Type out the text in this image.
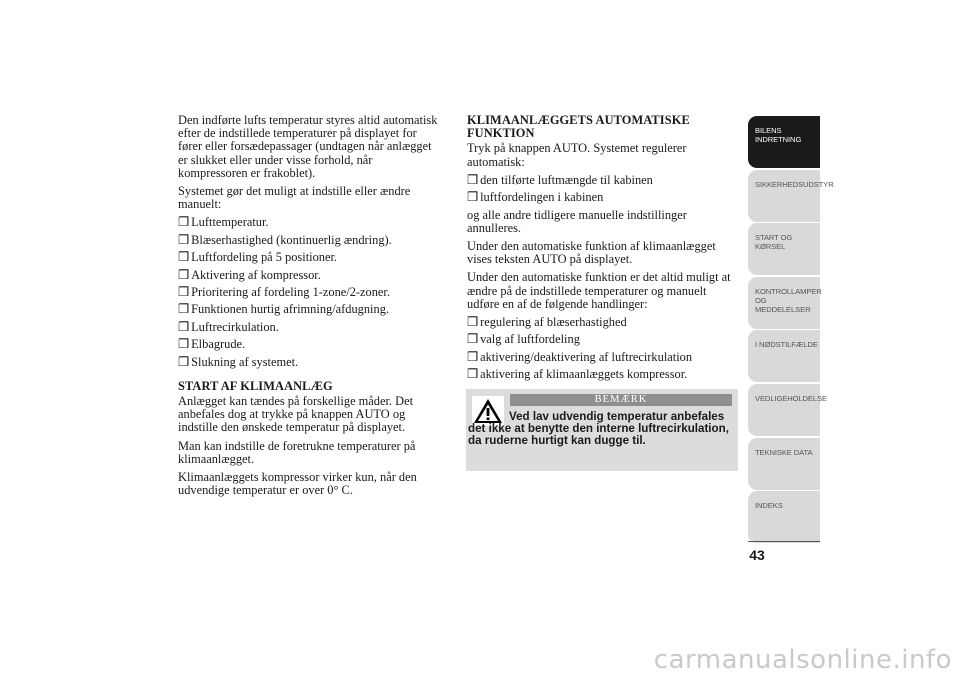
Den indførte lufts temperatur styres altid automatisk efter de indstillede temperaturer på displayet for fører eller forsædepassager (undtagen når anlægget er slukket eller under visse forhold, når kompressoren er frakoblet).

Systemet gør det muligt at indstille eller ændre manuelt:

❒ Lufttemperatur.
❒ Blæserhastighed (kontinuerlig ændring).
❒ Luftfordeling på 5 positioner.
❒ Aktivering af kompressor.
❒ Prioritering af fordeling 1-zone/2-zoner.
❒ Funktionen hurtig afrimning/afdugning.
❒ Luftrecirkulation.
❒ Elbagrude.
❒ Slukning af systemet.

START AF KLIMAANLÆG

Anlægget kan tændes på forskellige måder. Det anbefales dog at trykke på knappen AUTO og indstille den ønskede temperatur på displayet.

Man kan indstille de foretrukne temperaturer på klimaanlægget.

Klimaanlæggets kompressor virker kun, når den udvendige temperatur er over 0° C.

KLIMAANLÆGGETS AUTOMATISKE FUNKTION

Tryk på knappen AUTO. Systemet regulerer automatisk:

❒ den tilførte luftmængde til kabinen
❒ luftfordelingen i kabinen

og alle andre tidligere manuelle indstillinger annulleres.

Under den automatiske funktion af klimaanlægget vises teksten AUTO på displayet.

Under den automatiske funktion er det altid muligt at ændre på de indstillede temperaturer og manuelt udføre en af de følgende handlinger:

❒ regulering af blæserhastighed
❒ valg af luftfordeling
❒ aktivering/deaktivering af luftrecirkulation
❒ aktivering af klimaanlæggets kompressor.
BEMÆRK
Ved lav udvendig temperatur anbefales det ikke at benytte den interne luftrecirkulation, da ruderne hurtigt kan dugge til.
BILENS INDRETNING
SIKKERHEDSUDSTYR
START OG KØRSEL
KONTROLLAMPER OG MEDDELELSER
I NØDSTILFÆLDE
VEDLIGEHOLDELSE
TEKNISKE DATA
INDEKS
43
carmanualsonline.info
